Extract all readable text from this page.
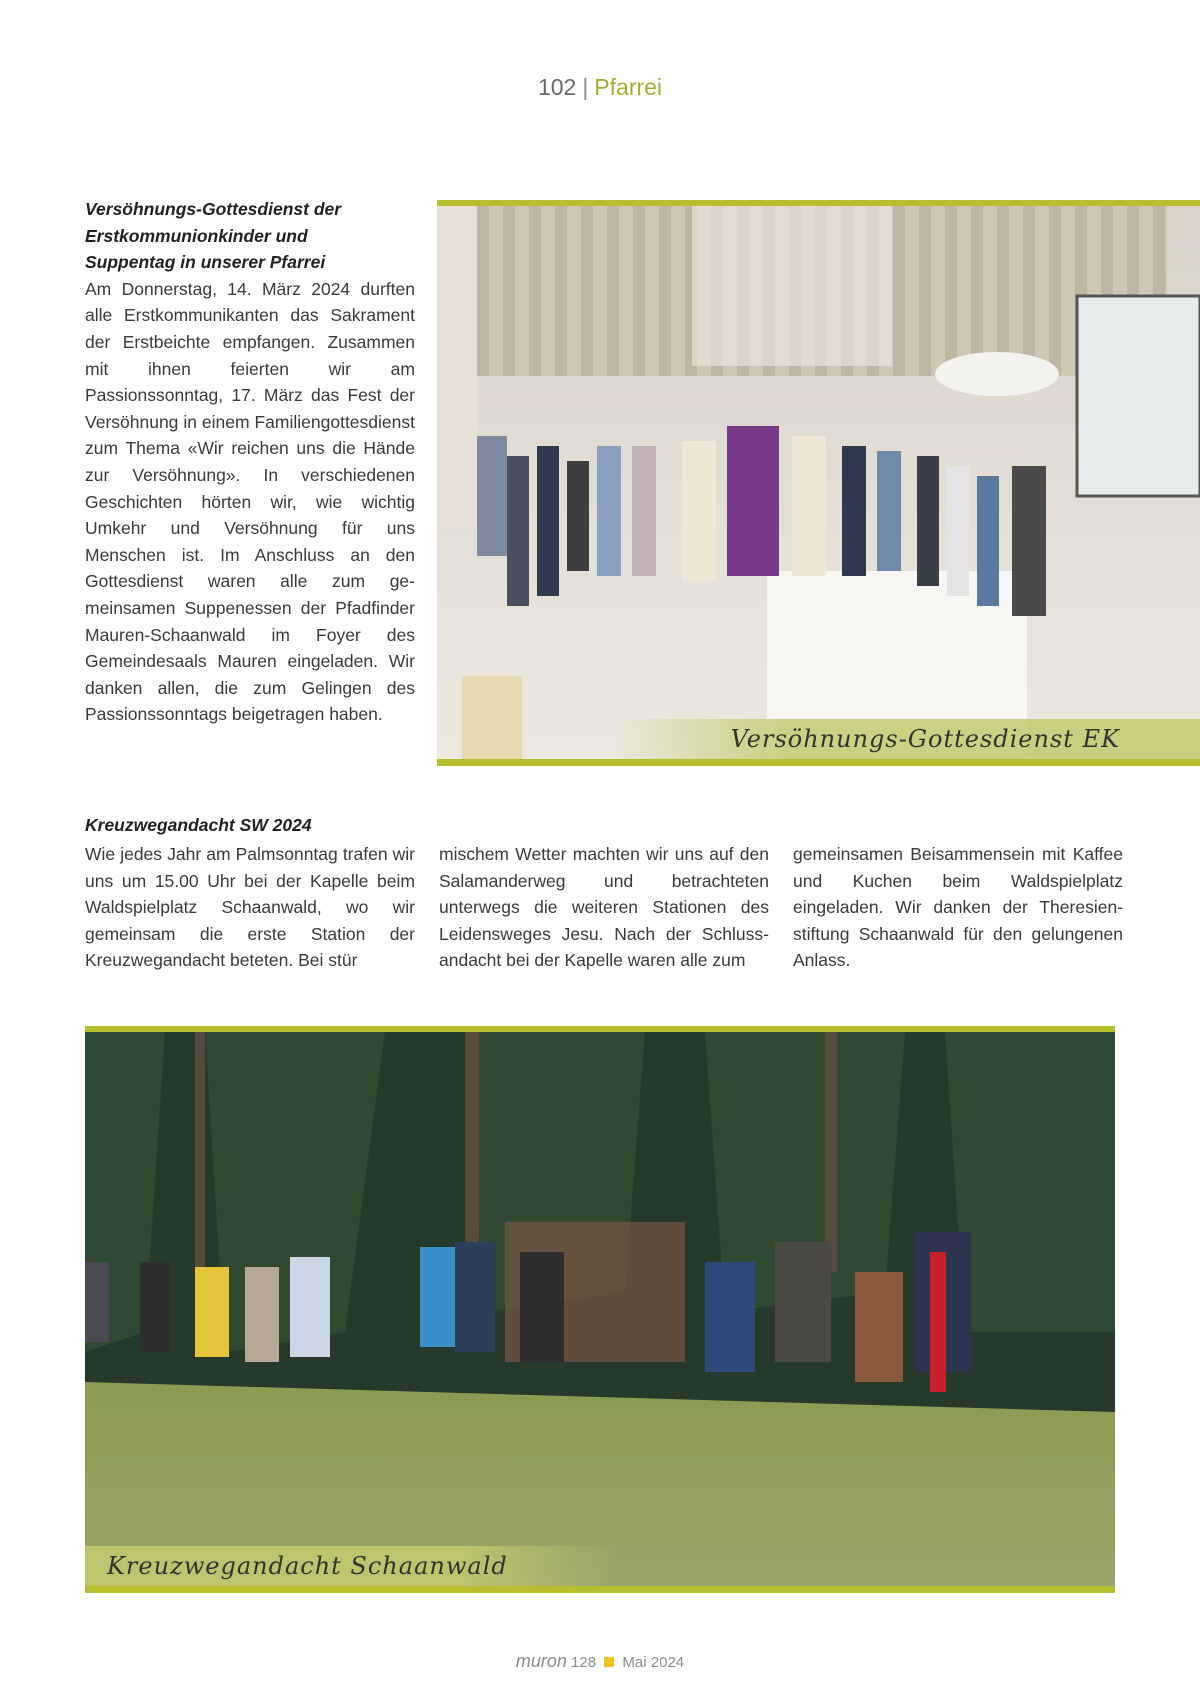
102 | Pfarrei
Versöhnungs-Gottesdienst der
Erstkommunionkinder und
Suppentag in unserer Pfarrei
Am Donnerstag, 14. März 2024 durften alle Erstkommunikanten das Sakrament der Erstbeichte empfangen. Zusammen mit ihnen feierten wir am Passionssonntag, 17. März das Fest der Versöhnung in einem Familiengottesdienst zum Thema «Wir reichen uns die Hände zur Versöhnung». In verschiedenen Geschichten hörten wir, wie wichtig Umkehr und Versöhnung für uns Menschen ist. Im Anschluss an den Gottesdienst waren alle zum gemeinsamen Suppenessen der Pfadfinder Mauren-Schaanwald im Foyer des Gemeindesaals Mauren eingeladen. Wir danken allen, die zum Gelingen des Passionssonntags beigetragen haben.
Versöhnungs-Gottesdienst EK
Kreuzwegandacht SW 2024
Wie jedes Jahr am Palmsonntag trafen wir uns um 15.00 Uhr bei der Kapelle beim Waldspielplatz Schaanwald, wo wir gemeinsam die erste Station der Kreuzwegandacht beteten. Bei stür
mischem Wetter machten wir uns auf den Salamanderweg und betrachteten unterwegs die weiteren Stationen des Leidensweges Jesu. Nach der Schlussandacht bei der Kapelle waren alle zum
gemeinsamen Beisammensein mit Kaffee und Kuchen beim Waldspielplatz eingeladen. Wir danken der Theresienstiftung Schaanwald für den gelungenen Anlass.
Kreuzwegandacht Schaanwald
muron 128 Mai 2024
